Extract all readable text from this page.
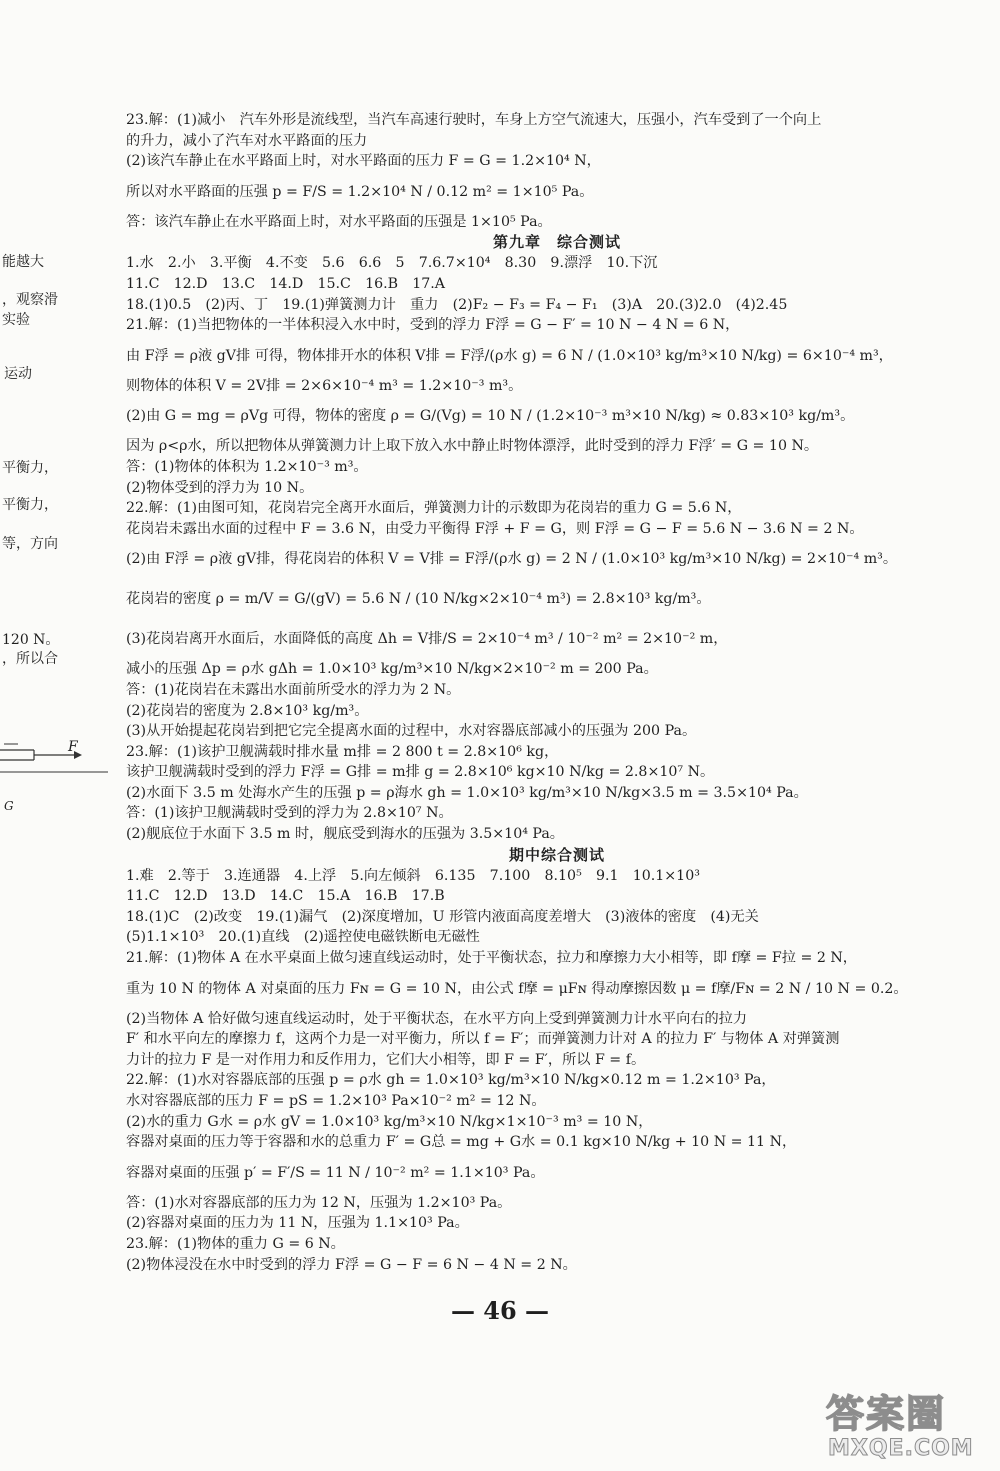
能越大
，观察滑
实验
运动
平衡力，
平衡力，
等，方向
120 N。
，所以合
F
G
23.解：(1)减小　汽车外形是流线型，当汽车高速行驶时，车身上方空气流速大，压强小，汽车受到了一个向上
的升力，减小了汽车对水平路面的压力
(2)该汽车静止在水平路面上时，对水平路面的压力 F = G = 1.2×10⁴ N，
所以对水平路面的压强 p = F/S = 1.2×10⁴ N / 0.12 m² = 1×10⁵ Pa。
答：该汽车静止在水平路面上时，对水平路面的压强是 1×10⁵ Pa。
第九章　综合测试
1.水　2.小　3.平衡　4.不变　5.6　6.6　5　7.6.7×10⁴　8.30　9.漂浮　10.下沉
11.C　12.D　13.C　14.D　15.C　16.B　17.A
18.(1)0.5　(2)丙、丁　19.(1)弹簧测力计　重力　(2)F₂ − F₃ = F₄ − F₁　(3)A　20.(3)2.0　(4)2.45
21.解：(1)当把物体的一半体积浸入水中时，受到的浮力 F浮 = G − F′ = 10 N − 4 N = 6 N，
由 F浮 = ρ液 gV排 可得，物体排开水的体积 V排 = F浮/(ρ水 g) = 6 N / (1.0×10³ kg/m³×10 N/kg) = 6×10⁻⁴ m³，
则物体的体积 V = 2V排 = 2×6×10⁻⁴ m³ = 1.2×10⁻³ m³。
(2)由 G = mg = ρVg 可得，物体的密度 ρ = G/(Vg) = 10 N / (1.2×10⁻³ m³×10 N/kg) ≈ 0.83×10³ kg/m³。
因为 ρ<ρ水，所以把物体从弹簧测力计上取下放入水中静止时物体漂浮，此时受到的浮力 F浮′ = G = 10 N。
答：(1)物体的体积为 1.2×10⁻³ m³。
(2)物体受到的浮力为 10 N。
22.解：(1)由图可知，花岗岩完全离开水面后，弹簧测力计的示数即为花岗岩的重力 G = 5.6 N，
花岗岩未露出水面的过程中 F = 3.6 N，由受力平衡得 F浮 + F = G，则 F浮 = G − F = 5.6 N − 3.6 N = 2 N。
(2)由 F浮 = ρ液 gV排，得花岗岩的体积 V = V排 = F浮/(ρ水 g) = 2 N / (1.0×10³ kg/m³×10 N/kg) = 2×10⁻⁴ m³。
花岗岩的密度 ρ = m/V = G/(gV) = 5.6 N / (10 N/kg×2×10⁻⁴ m³) = 2.8×10³ kg/m³。
(3)花岗岩离开水面后，水面降低的高度 Δh = V排/S = 2×10⁻⁴ m³ / 10⁻² m² = 2×10⁻² m，
减小的压强 Δp = ρ水 gΔh = 1.0×10³ kg/m³×10 N/kg×2×10⁻² m = 200 Pa。
答：(1)花岗岩在未露出水面前所受水的浮力为 2 N。
(2)花岗岩的密度为 2.8×10³ kg/m³。
(3)从开始提起花岗岩到把它完全提离水面的过程中，水对容器底部减小的压强为 200 Pa。
23.解：(1)该护卫舰满载时排水量 m排 = 2 800 t = 2.8×10⁶ kg，
该护卫舰满载时受到的浮力 F浮 = G排 = m排 g = 2.8×10⁶ kg×10 N/kg = 2.8×10⁷ N。
(2)水面下 3.5 m 处海水产生的压强 p = ρ海水 gh = 1.0×10³ kg/m³×10 N/kg×3.5 m = 3.5×10⁴ Pa。
答：(1)该护卫舰满载时受到的浮力为 2.8×10⁷ N。
(2)舰底位于水面下 3.5 m 时，舰底受到海水的压强为 3.5×10⁴ Pa。
期中综合测试
1.难　2.等于　3.连通器　4.上浮　5.向左倾斜　6.135　7.100　8.10⁵　9.1　10.1×10³
11.C　12.D　13.D　14.C　15.A　16.B　17.B
18.(1)C　(2)改变　19.(1)漏气　(2)深度增加，U 形管内液面高度差增大　(3)液体的密度　(4)无关
(5)1.1×10³　20.(1)直线　(2)遥控使电磁铁断电无磁性
21.解：(1)物体 A 在水平桌面上做匀速直线运动时，处于平衡状态，拉力和摩擦力大小相等，即 f摩 = F拉 = 2 N，
重为 10 N 的物体 A 对桌面的压力 Fɴ = G = 10 N，由公式 f摩 = μFɴ 得动摩擦因数 μ = f摩/Fɴ = 2 N / 10 N = 0.2。
(2)当物体 A 恰好做匀速直线运动时，处于平衡状态，在水平方向上受到弹簧测力计水平向右的拉力
F′ 和水平向左的摩擦力 f，这两个力是一对平衡力，所以 f = F′；而弹簧测力计对 A 的拉力 F′ 与物体 A 对弹簧测
力计的拉力 F 是一对作用力和反作用力，它们大小相等，即 F = F′，所以 F = f。
22.解：(1)水对容器底部的压强 p = ρ水 gh = 1.0×10³ kg/m³×10 N/kg×0.12 m = 1.2×10³ Pa，
水对容器底部的压力 F = pS = 1.2×10³ Pa×10⁻² m² = 12 N。
(2)水的重力 G水 = ρ水 gV = 1.0×10³ kg/m³×10 N/kg×1×10⁻³ m³ = 10 N，
容器对桌面的压力等于容器和水的总重力 F′ = G总 = mg + G水 = 0.1 kg×10 N/kg + 10 N = 11 N，
容器对桌面的压强 p′ = F′/S = 11 N / 10⁻² m² = 1.1×10³ Pa。
答：(1)水对容器底部的压力为 12 N，压强为 1.2×10³ Pa。
(2)容器对桌面的压力为 11 N，压强为 1.1×10³ Pa。
23.解：(1)物体的重力 G = 6 N。
(2)物体浸没在水中时受到的浮力 F浮 = G − F = 6 N − 4 N = 2 N。
— 46 —
答案圈
MXQE.COM
